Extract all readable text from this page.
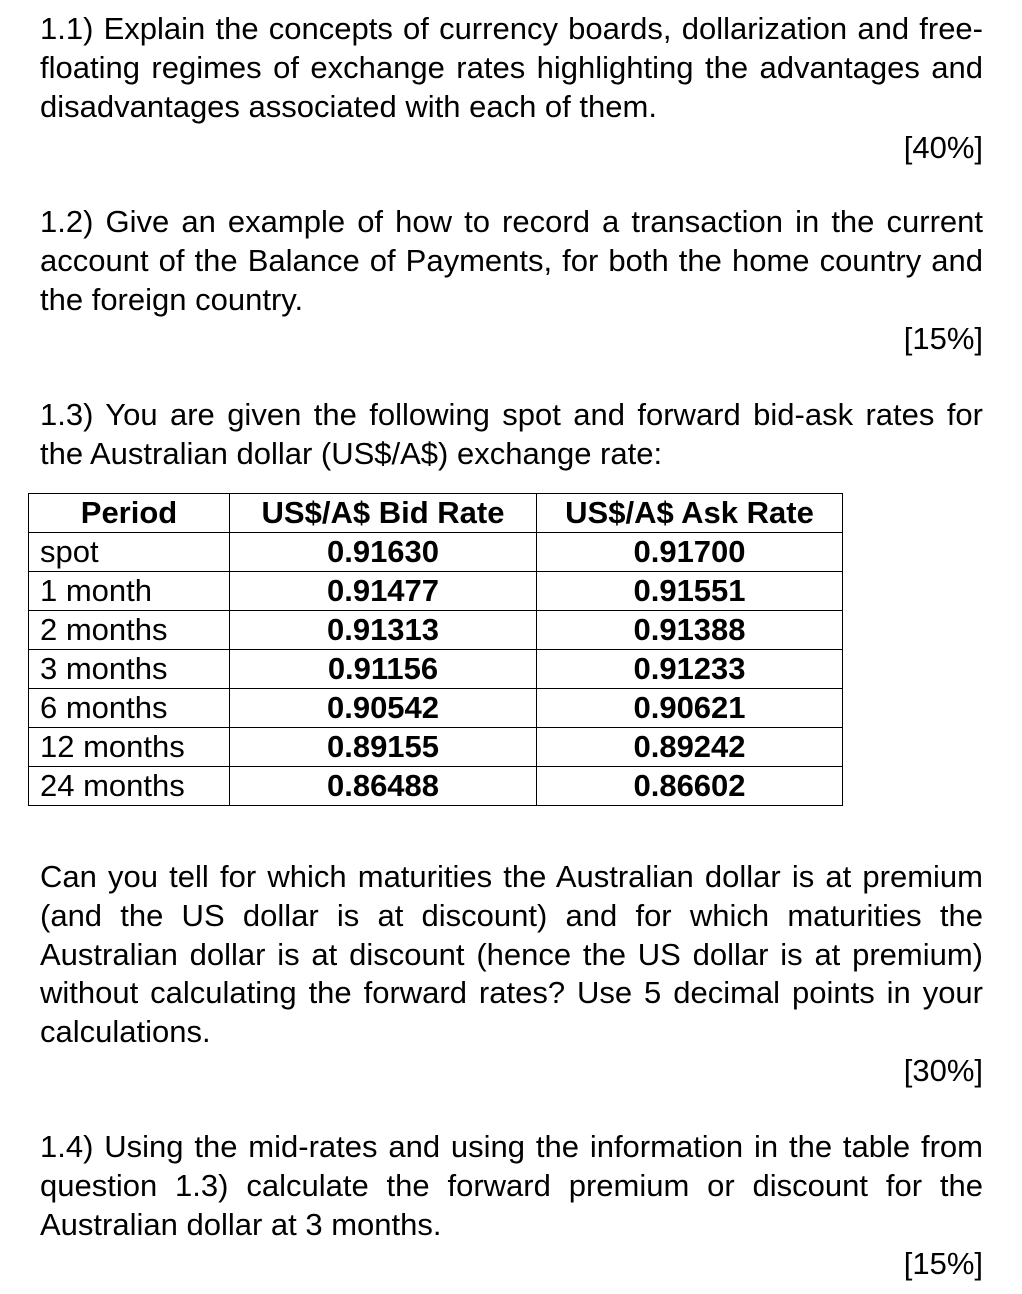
1.1) Explain the concepts of currency boards, dollarization and free-floating regimes of exchange rates highlighting the advantages and disadvantages associated with each of them.

[40%]

1.2) Give an example of how to record a transaction in the current account of the Balance of Payments, for both the home country and the foreign country.

[15%]

1.3) You are given the following spot and forward bid-ask rates for the Australian dollar (US$/A$) exchange rate:

Period	US$/A$ Bid Rate	US$/A$ Ask Rate
spot	0.91630	0.91700
1 month	0.91477	0.91551
2 months	0.91313	0.91388
3 months	0.91156	0.91233
6 months	0.90542	0.90621
12 months	0.89155	0.89242
24 months	0.86488	0.86602

Can you tell for which maturities the Australian dollar is at premium (and the US dollar is at discount) and for which maturities the Australian dollar is at discount (hence the US dollar is at premium) without calculating the forward rates? Use 5 decimal points in your calculations.

[30%]

1.4) Using the mid-rates and using the information in the table from question 1.3) calculate the forward premium or discount for the Australian dollar at 3 months.

[15%]
